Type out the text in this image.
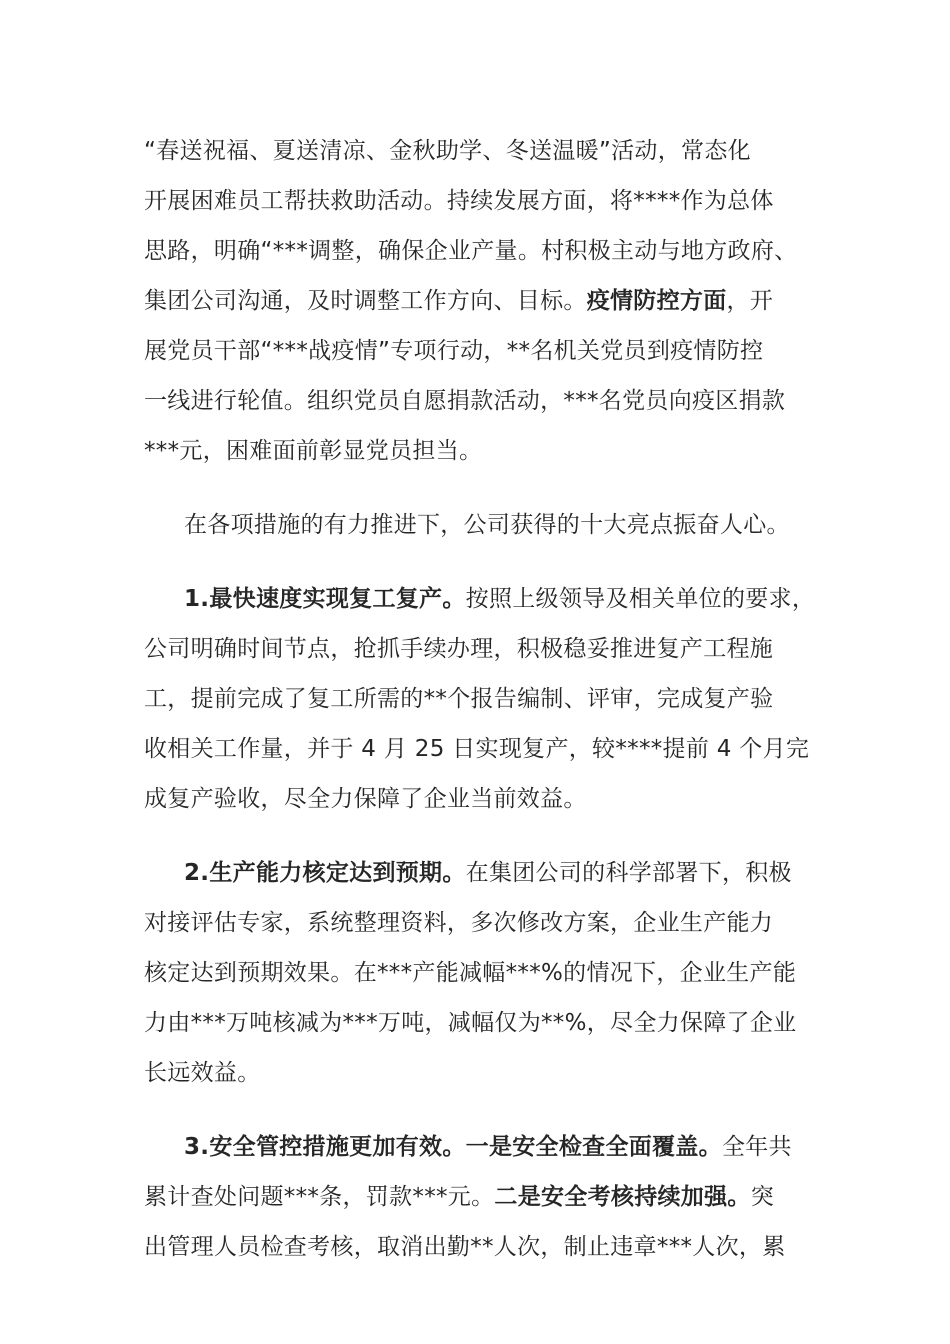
“春送祝福、夏送清凉、金秋助学、冬送温暖”活动，常态化
开展困难员工帮扶救助活动。持续发展方面，将****作为总体
思路，明确“***调整，确保企业产量。村积极主动与地方政府、
集团公司沟通，及时调整工作方向、目标。疫情防控方面，开
展党员干部“***战疫情”专项行动，**名机关党员到疫情防控
一线进行轮值。组织党员自愿捐款活动，***名党员向疫区捐款
***元，困难面前彰显党员担当。
在各项措施的有力推进下，公司获得的十大亮点振奋人心。
1.最快速度实现复工复产。按照上级领导及相关单位的要求，
公司明确时间节点，抢抓手续办理，积极稳妥推进复产工程施
工，提前完成了复工所需的**个报告编制、评审，完成复产验
收相关工作量，并于 4 月 25 日实现复产，较****提前 4 个月完
成复产验收，尽全力保障了企业当前效益。
2.生产能力核定达到预期。在集团公司的科学部署下，积极
对接评估专家，系统整理资料，多次修改方案，企业生产能力
核定达到预期效果。在***产能减幅***%的情况下，企业生产能
力由***万吨核减为***万吨，减幅仅为**%，尽全力保障了企业
长远效益。
3.安全管控措施更加有效。一是安全检查全面覆盖。全年共
累计查处问题***条，罚款***元。二是安全考核持续加强。突
出管理人员检查考核，取消出勤**人次，制止违章***人次，累
